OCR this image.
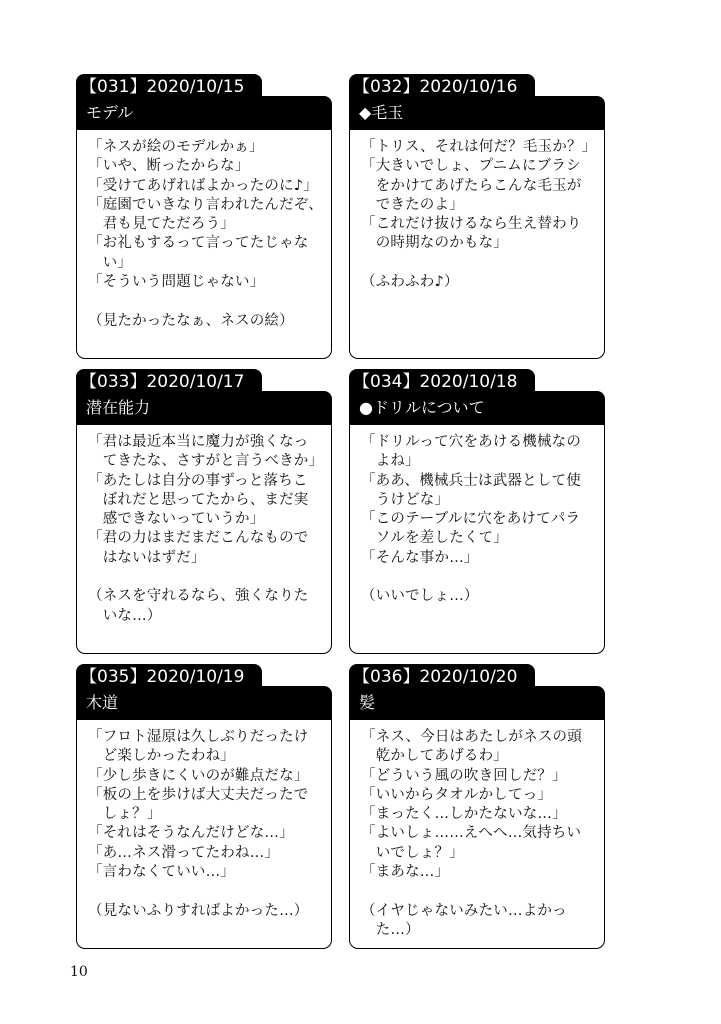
モデル
【031】2020/10/15
「ネスが絵のモデルかぁ」
「いや、断ったからな」
「受けてあげればよかったのに♪」
「庭園でいきなり言われたんだぞ、
　君も見てただろう」
「お礼もするって言ってたじゃな
　い」
「そういう問題じゃない」
（見たかったなぁ、ネスの絵）
◆毛玉
【032】2020/10/16
「トリス、それは何だ？毛玉か？」
「大きいでしょ、プニムにブラシ
　をかけてあげたらこんな毛玉が
　できたのよ」
「これだけ抜けるなら生え替わり
　の時期なのかもな」
（ふわふわ♪）
潜在能力
【033】2020/10/17
「君は最近本当に魔力が強くなっ
　てきたな、さすがと言うべきか」
「あたしは自分の事ずっと落ちこ
　ぼれだと思ってたから、まだ実
　感できないっていうか」
「君の力はまだまだこんなもので
　はないはずだ」
（ネスを守れるなら、強くなりた
　いな…）
●ドリルについて
【034】2020/10/18
「ドリルって穴をあける機械なの
　よね」
「ああ、機械兵士は武器として使
　うけどな」
「このテーブルに穴をあけてパラ
　ソルを差したくて」
「そんな事か…」
（いいでしょ…）
木道
【035】2020/10/19
「フロト湿原は久しぶりだったけ
　ど楽しかったわね」
「少し歩きにくいのが難点だな」
「板の上を歩けば大丈夫だったで
　しょ？」
「それはそうなんだけどな…」
「あ…ネス滑ってたわね…」
「言わなくていい…」
（見ないふりすればよかった…）
髪
【036】2020/10/20
「ネス、今日はあたしがネスの頭
　乾かしてあげるわ」
「どういう風の吹き回しだ？」
「いいからタオルかしてっ」
「まったく…しかたないな…」
「よいしょ……えへへ…気持ちい
　いでしょ？」
「まあな…」
（イヤじゃないみたい…よかっ
　た…）
10
